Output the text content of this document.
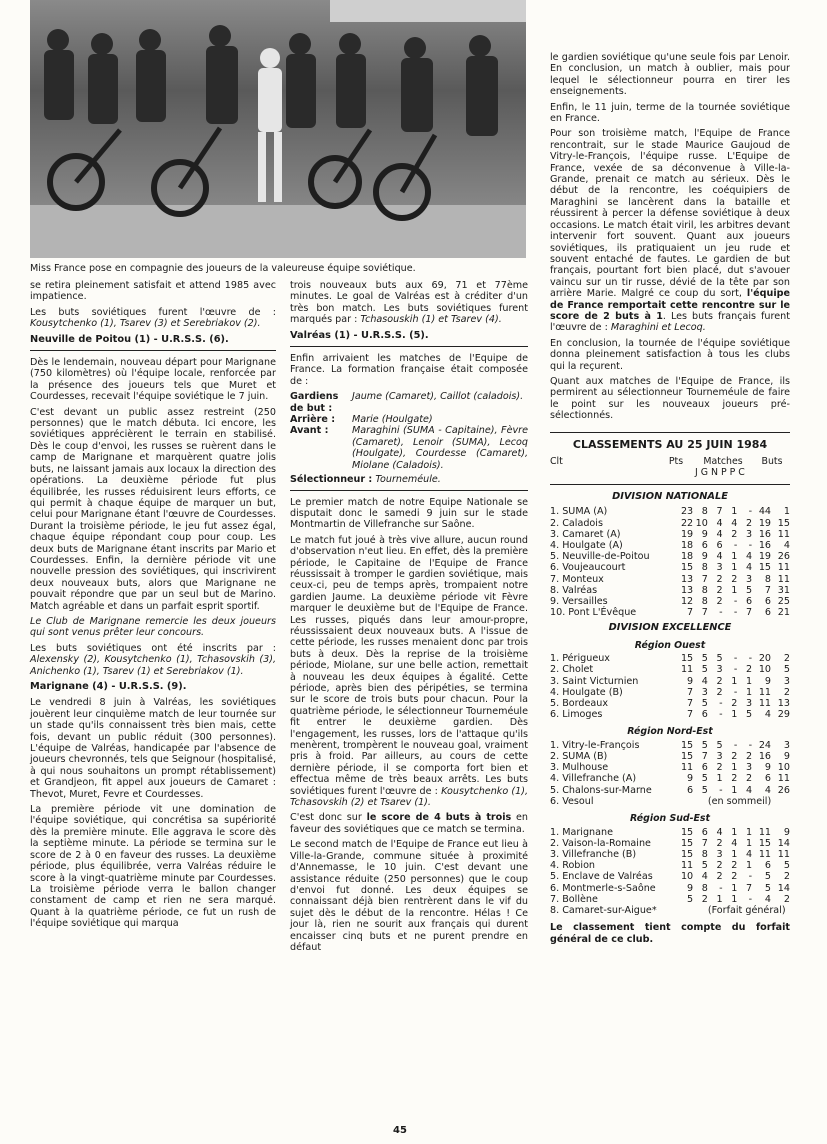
Miss France pose en compagnie des joueurs de la valeureuse équipe soviétique.

se retira pleinement satisfait et attend 1985 avec impatience.

Les buts soviétiques furent l'œuvre de : Kousytchenko (1), Tsarev (3) et Serebriakov (2).

Neuville de Poitou (1) - U.R.S.S. (6).

Dès le lendemain, nouveau départ pour Marignane (750 kilomètres) où l'équipe locale, renforcée par la présence des joueurs tels que Muret et Courdesses, recevait l'équipe soviétique le 7 juin.

C'est devant un public assez restreint (250 personnes) que le match débuta. Ici encore, les soviétiques apprécièrent le terrain en stabilisé. Dès le coup d'envoi, les russes se ruèrent dans le camp de Marignane et marquèrent quatre jolis buts, ne laissant jamais aux locaux la direction des opérations. La deuxième période fut plus équilibrée, les russes réduisirent leurs efforts, ce qui permit à chaque équipe de marquer un but, celui pour Marignane étant l'œuvre de Courdesses. Durant la troisième période, le jeu fut assez égal, chaque équipe répondant coup pour coup. Les deux buts de Marignane étant inscrits par Mario et Courdesses. Enfin, la dernière période vit une nouvelle pression des soviétiques, qui inscrivirent deux nouveaux buts, alors que Marignane ne pouvait répondre que par un seul but de Marino. Match agréable et dans un parfait esprit sportif.

Le Club de Marignane remercie les deux joueurs qui sont venus prêter leur concours.

Les buts soviétiques ont été inscrits par : Alexensky (2), Kousytchenko (1), Tchasovskih (3), Anichenko (1), Tsarev (1) et Serebriakov (1).

Marignane (4) - U.R.S.S. (9).

Le vendredi 8 juin à Valréas, les soviétiques jouèrent leur cinquième match de leur tournée sur un stade qu'ils connaissent très bien mais, cette fois, devant un public réduit (300 personnes). L'équipe de Valréas, handicapée par l'absence de joueurs chevronnés, tels que Seignour (hospitalisé, à qui nous souhaitons un prompt rétablissement) et Grandjeon, fit appel aux joueurs de Camaret : Thevot, Muret, Fevre et Courdesses.

La première période vit une domination de l'équipe soviétique, qui concrétisa sa supériorité dès la première minute. Elle aggrava le score dès la septième minute. La période se termina sur le score de 2 à 0 en faveur des russes. La deuxième période, plus équilibrée, verra Valréas réduire le score à la vingt-quatrième minute par Courdesses. La troisième période verra le ballon changer constament de camp et rien ne sera marqué. Quant à la quatrième période, ce fut un rush de l'équipe soviétique qui marqua

trois nouveaux buts aux 69, 71 et 77ème minutes. Le goal de Valréas est à créditer d'un très bon match. Les buts soviétiques furent marqués par : Tchasouskih (1) et Tsarev (4).

Valréas (1) - U.R.S.S. (5).

Enfin arrivaient les matches de l'Equipe de France. La formation française était composée de :

Gardiens de but :	Jaume (Camaret), Caillot (caladois).
Arrière :	Marie (Houlgate)
Avant :	Maraghini (SUMA - Capitaine), Fèvre (Camaret), Lenoir (SUMA), Lecoq (Houlgate), Courdesse (Camaret), Miolane (Caladois).

Sélectionneur : Tourneméule.

Le premier match de notre Equipe Nationale se disputait donc le samedi 9 juin sur le stade Montmartin de Villefranche sur Saône.

Le match fut joué à très vive allure, aucun round d'observation n'eut lieu. En effet, dès la première période, le Capitaine de l'Equipe de France réussissait à tromper le gardien soviétique, mais ceux-ci, peu de temps après, trompaient notre gardien Jaume. La deuxième période vit Fèvre marquer le deuxième but de l'Equipe de France. Les russes, piqués dans leur amour-propre, réussissaient deux nouveaux buts. A l'issue de cette période, les russes menaient donc par trois buts à deux. Dès la reprise de la troisième période, Miolane, sur une belle action, remettait à nouveau les deux équipes à égalité. Cette période, après bien des péripéties, se termina sur le score de trois buts pour chacun. Pour la quatrième période, le sélectionneur Tourneméule fit entrer le deuxième gardien. Dès l'engagement, les russes, lors de l'attaque qu'ils menèrent, trompèrent le nouveau goal, vraiment pris à froid. Par ailleurs, au cours de cette dernière période, il se comporta fort bien et effectua même de très beaux arrêts. Les buts soviétiques furent l'œuvre de : Kousytchenko (1), Tchasovskih (2) et Tsarev (1).

C'est donc sur le score de 4 buts à trois en faveur des soviétiques que ce match se termina.

Le second match de l'Equipe de France eut lieu à Ville-la-Grande, commune située à proximité d'Annemasse, le 10 juin. C'est devant une assistance réduite (250 personnes) que le coup d'envoi fut donné. Les deux équipes se connaissant déjà bien rentrèrent dans le vif du sujet dès le début de la rencontre. Hélas ! Ce jour là, rien ne sourit aux français qui durent encaisser cinq buts et ne purent prendre en défaut

le gardien soviétique qu'une seule fois par Lenoir. En conclusion, un match à oublier, mais pour lequel le sélectionneur pourra en tirer les enseignements.

Enfin, le 11 juin, terme de la tournée soviétique en France.

Pour son troisième match, l'Equipe de France rencontrait, sur le stade Maurice Gaujoud de Vitry-le-François, l'équipe russe. L'Equipe de France, vexée de sa déconvenue à Ville-la-Grande, prenait ce match au sérieux. Dès le début de la rencontre, les coéquipiers de Maraghini se lancèrent dans la bataille et réussirent à percer la défense soviétique à deux occasions. Le match était viril, les arbitres devant intervenir fort souvent. Quant aux joueurs soviétiques, ils pratiquaient un jeu rude et souvent entaché de fautes. Le gardien de but français, pourtant fort bien placé, dut s'avouer vaincu sur un tir russe, dévié de la tête par son arrière Marie. Malgré ce coup du sort, l'équipe de France remportait cette rencontre sur le score de 2 buts à 1. Les buts français furent l'œuvre de : Maraghini et Lecoq.

En conclusion, la tournée de l'équipe soviétique donna pleinement satisfaction à tous les clubs qui la reçurent.

Quant aux matches de l'Equipe de France, ils permirent au sélectionneur Tourneméule de faire le point sur les nouveaux joueurs pré-sélectionnés.

CLASSEMENTS AU 25 JUIN 1984
Clt	Pts	Matches	Buts
J G N P P C
DIVISION NATIONALE
1. SUMA (A)	23	8	7	1	-	44	1
2. Caladois	22	10	4	4	2	19	15
3. Camaret (A)	19	9	4	2	3	16	11
4. Houlgate (A)	18	6	6	-	-	16	4
5. Neuville-de-Poitou	18	9	4	1	4	19	26
6. Voujeaucourt	15	8	3	1	4	15	11
7. Monteux	13	7	2	2	3	8	11
8. Valréas	13	8	2	1	5	7	31
9. Versailles	12	8	2	-	6	6	25
10. Pont L'Évêque	7	7	-	-	7	6	21
DIVISION EXCELLENCE
Région Ouest
1. Périgueux	15	5	5	-	-	20	2
2. Cholet	11	5	3	-	2	10	5
3. Saint Victurnien	9	4	2	1	1	9	3
4. Houlgate (B)	7	3	2	-	1	11	2
5. Bordeaux	7	5	-	2	3	11	13
6. Limoges	7	6	-	1	5	4	29
Région Nord-Est
1. Vitry-le-François	15	5	5	-	-	24	3
2. SUMA (B)	15	7	3	2	2	16	9
3. Mulhouse	11	6	2	1	3	9	10
4. Villefranche (A)	9	5	1	2	2	6	11
5. Chalons-sur-Marne	6	5	-	1	4	4	26
6. Vesoul			(en sommeil)				
Région Sud-Est
1. Marignane	15	6	4	1	1	11	9
2. Vaison-la-Romaine	15	7	2	4	1	15	14
3. Villefranche (B)	15	8	3	1	4	11	11
4. Robion	11	5	2	2	1	6	5
5. Enclave de Valréas	10	4	2	2	-	5	2
6. Montmerle-s-Saône	9	8	-	1	7	5	14
7. Bollène	5	2	1	1	-	4	2
8. Camaret-sur-Aigue*			(Forfait général)				
Le classement tient compte du forfait général de ce club.
45
